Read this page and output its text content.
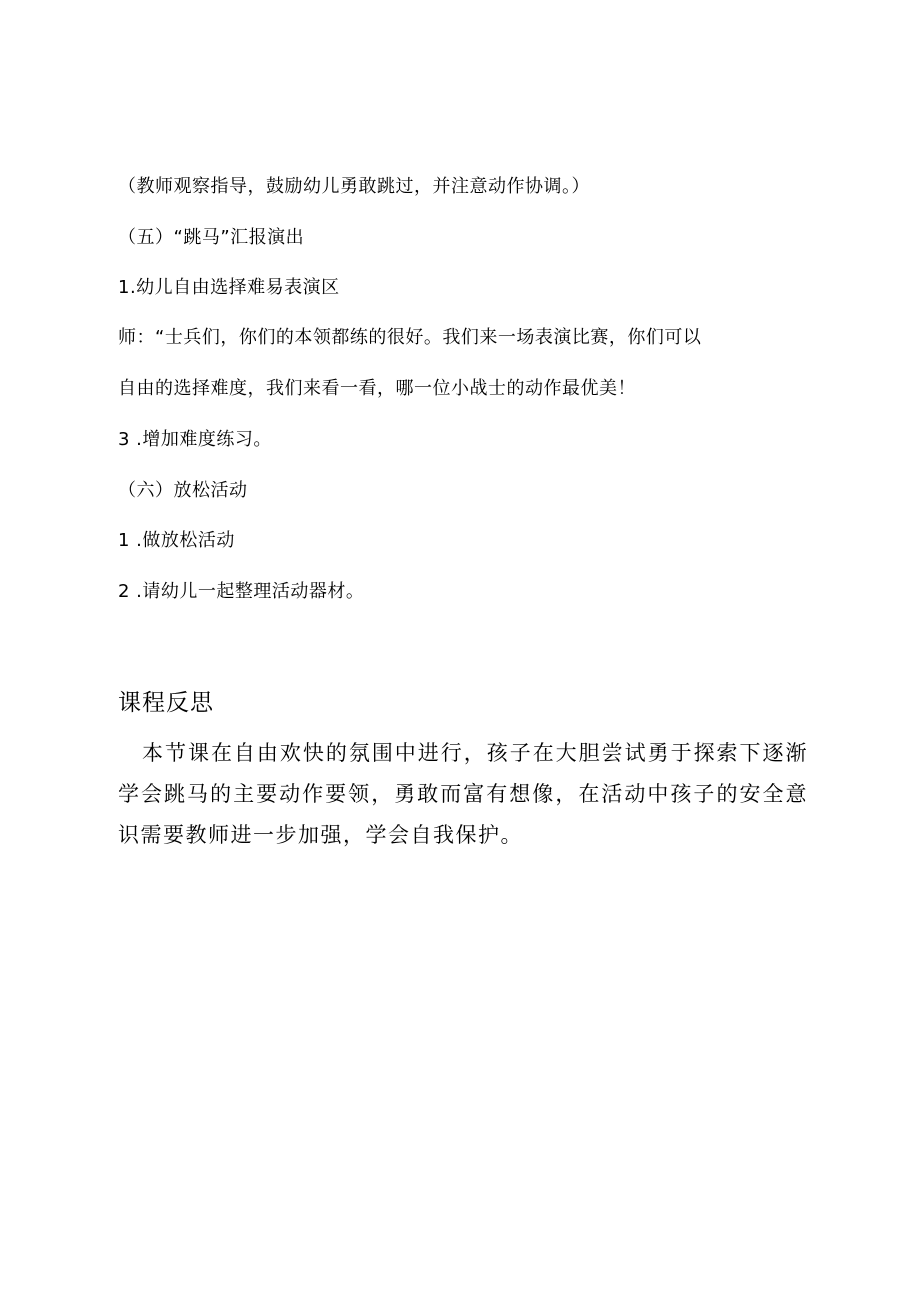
（教师观察指导，鼓励幼儿勇敢跳过，并注意动作协调。）
（五）“跳马”汇报演出
1.幼儿自由选择难易表演区
师：“士兵们，你们的本领都练的很好。我们来一场表演比赛，你们可以
自由的选择难度，我们来看一看，哪一位小战士的动作最优美！
3 .增加难度练习。
（六）放松活动
1 .做放松活动
2 .请幼儿一起整理活动器材。
课程反思
本节课在自由欢快的氛围中进行，孩子在大胆尝试勇于探索下逐渐学会跳马的主要动作要领，勇敢而富有想像，在活动中孩子的安全意识需要教师进一步加强，学会自我保护。
